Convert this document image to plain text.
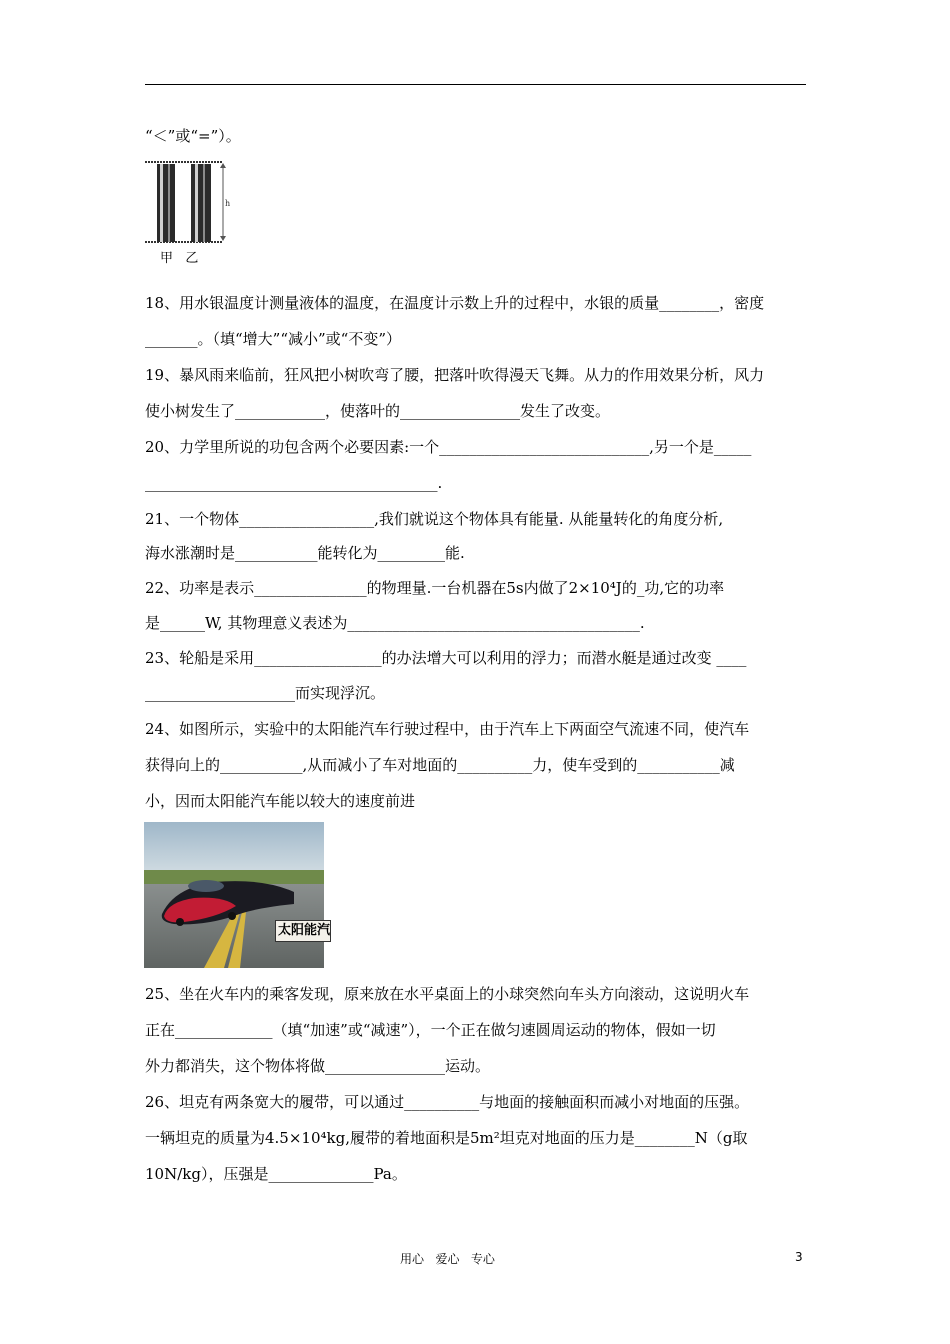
“＜”或“=”）。
h
甲   乙
18、用水银温度计测量液体的温度，在温度计示数上升的过程中，水银的质量________，密度
_______。（填“增大”“减小”或“不变”）
19、暴风雨来临前，狂风把小树吹弯了腰，把落叶吹得漫天飞舞。从力的作用效果分析，风力
使小树发生了____________，使落叶的________________发生了改变。
20、力学里所说的功包含两个必要因素:一个____________________________,另一个是_____
_______________________________________.
21、一个物体__________________,我们就说这个物体具有能量. 从能量转化的角度分析,
海水涨潮时是___________能转化为_________能.
22、功率是表示_______________的物理量.一台机器在5s内做了2×10⁴J的_功,它的功率
是______W, 其物理意义表述为_______________________________________.
23、轮船是采用_________________的办法增大可以利用的浮力；而潜水艇是通过改变 ____
____________________而实现浮沉。
24、如图所示，实验中的太阳能汽车行驶过程中，由于汽车上下两面空气流速不同，使汽车
获得向上的___________,从而减小了车对地面的__________力，使车受到的___________减
小，因而太阳能汽车能以较大的速度前进
太阳能汽
25、坐在火车内的乘客发现，原来放在水平桌面上的小球突然向车头方向滚动，这说明火车
正在_____________（填“加速”或“减速”），一个正在做匀速圆周运动的物体，假如一切
外力都消失，这个物体将做________________运动。
26、坦克有两条宽大的履带，可以通过__________与地面的接触面积而减小对地面的压强。
一辆坦克的质量为4.5×10⁴kg,履带的着地面积是5m²坦克对地面的压力是________N（g取
10N/kg），压强是______________Pa。
用心   爱心   专心	3
